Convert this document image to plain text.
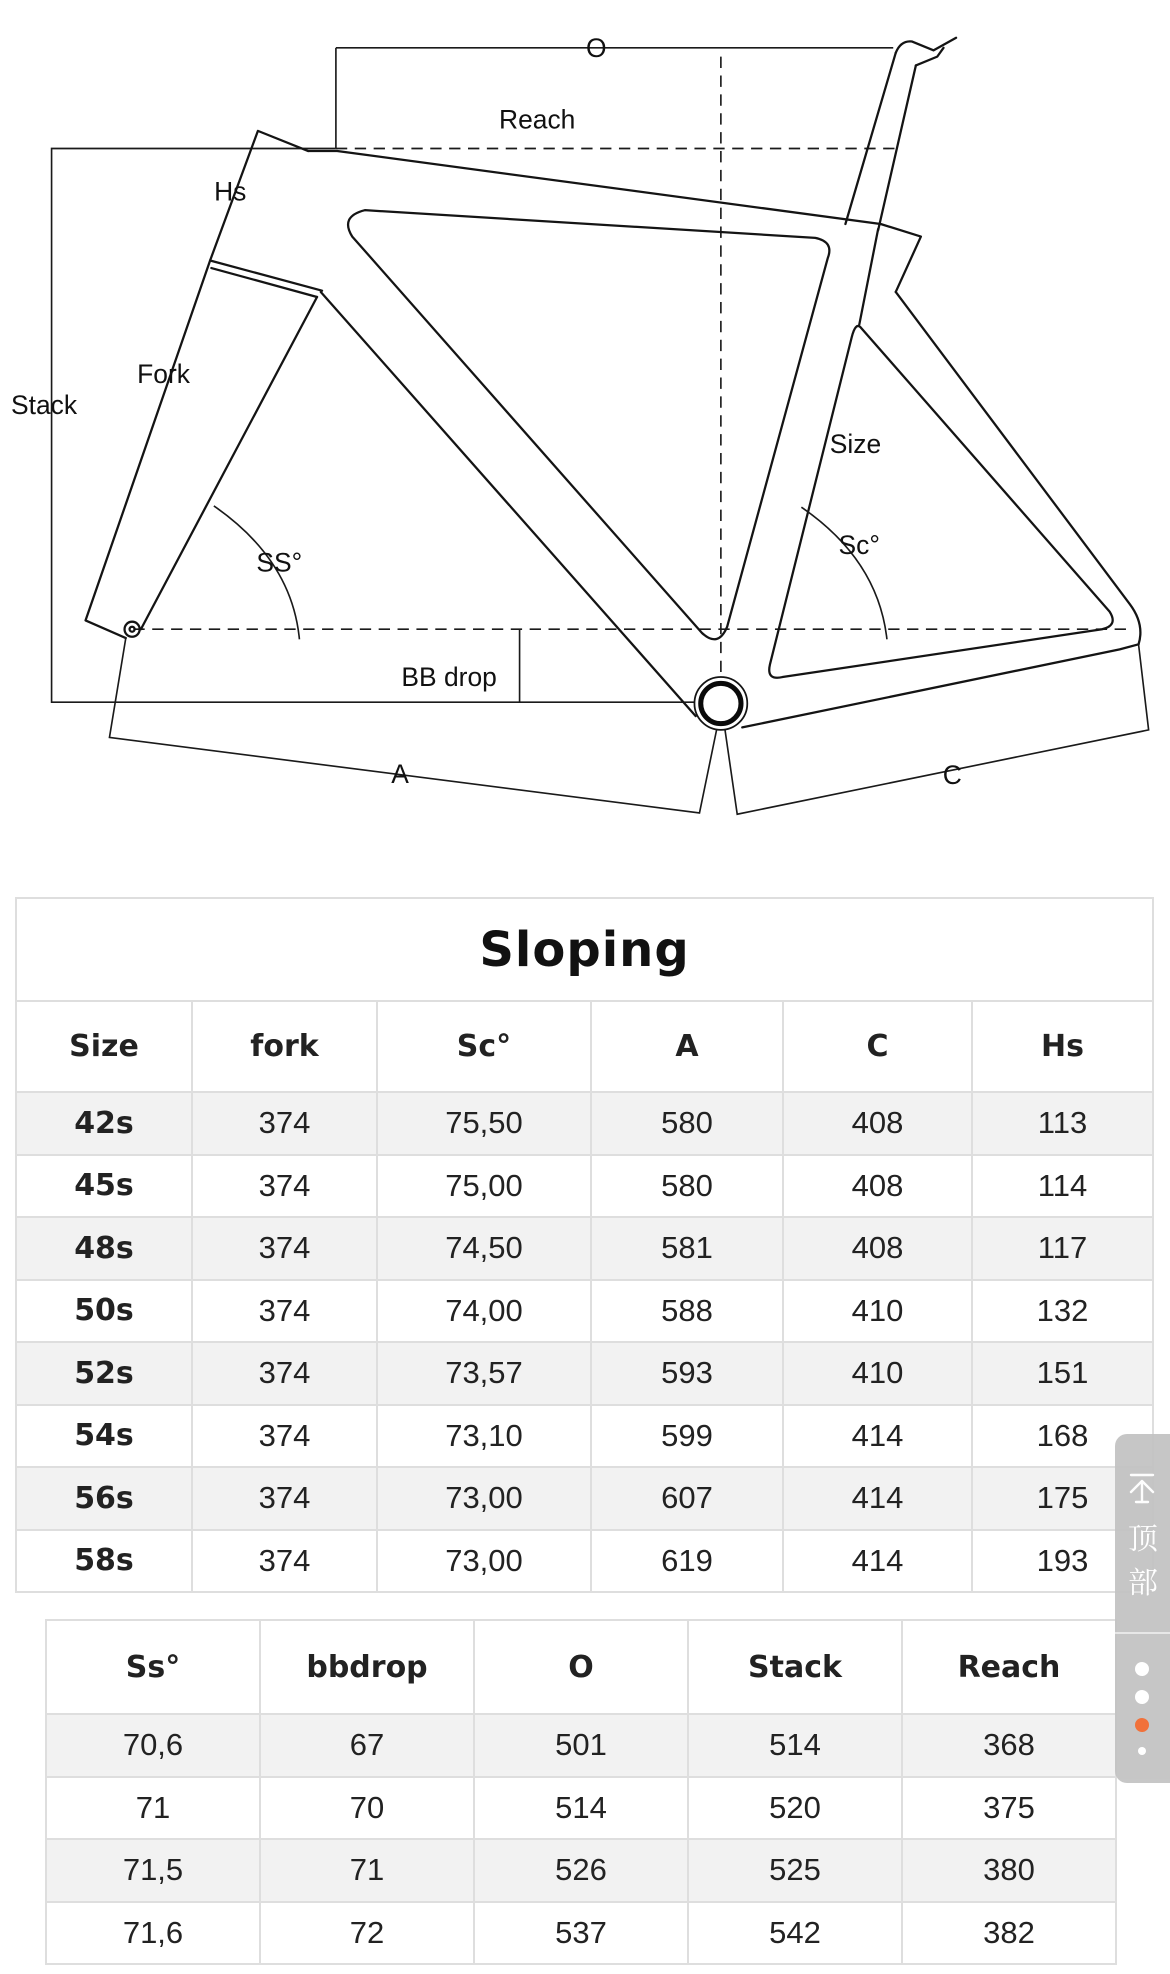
O
Reach
Hs
Fork
Stack
Size
SS°
Sc°
BB drop
A	C
Sloping					
Size	fork	Sc°	A	C	Hs
42s	374	75,50	580	408	113
45s	374	75,00	580	408	114
48s	374	74,50	581	408	117
50s	374	74,00	588	410	132
52s	374	73,57	593	410	151
54s	374	73,10	599	414	168
56s	374	73,00	607	414	175
58s	374	73,00	619	414	193
Ss°	bbdrop	O	Stack	Reach
70,6	67	501	514	368
71	70	514	520	375
71,5	71	526	525	380
71,6	72	537	542	382
顶部
